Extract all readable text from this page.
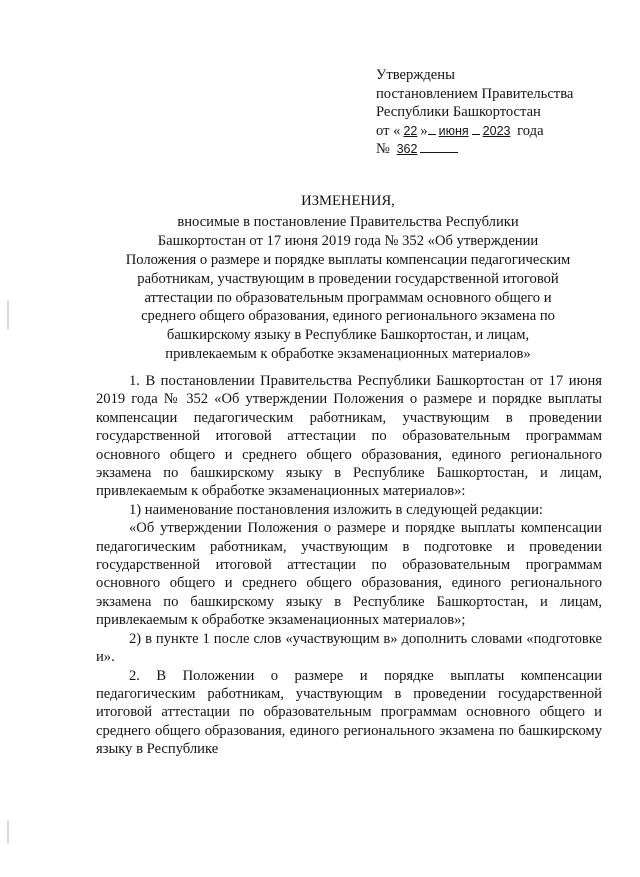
Утверждены
постановлением Правительства
Республики Башкортостан
от « 22 » июня 2023 года
№ 362
ИЗМЕНЕНИЯ,
вносимые в постановление Правительства Республики
Башкортостан от 17 июня 2019 года № 352 «Об утверждении
Положения о размере и порядке выплаты компенсации педагогическим
работникам, участвующим в проведении государственной итоговой
аттестации по образовательным программам основного общего и
среднего общего образования, единого регионального экзамена по
башкирскому языку в Республике Башкортостан, и лицам,
привлекаемым к обработке экзаменационных материалов»

1. В постановлении Правительства Республики Башкортостан от 17 июня 2019 года № 352 «Об утверждении Положения о размере и порядке выплаты компенсации педагогическим работникам, участвующим в проведении государственной итоговой аттестации по образовательным программам основного общего и среднего общего образования, единого регионального экзамена по башкирскому языку в Республике Башкортостан, и лицам, привлекаемым к обработке экзаменационных материалов»:

1) наименование постановления изложить в следующей редакции:

«Об утверждении Положения о размере и порядке выплаты компенсации педагогическим работникам, участвующим в подготовке и проведении государственной итоговой аттестации по образовательным программам основного общего и среднего общего образования, единого регионального экзамена по башкирскому языку в Республике Башкортостан, и лицам, привлекаемым к обработке экзаменационных материалов»;

2) в пункте 1 после слов «участвующим в» дополнить словами «подготовке и».

2. В Положении о размере и порядке выплаты компенсации педагогическим работникам, участвующим в проведении государственной итоговой аттестации по образовательным программам основного общего и среднего общего образования, единого регионального экзамена по башкирскому языку в Республике
